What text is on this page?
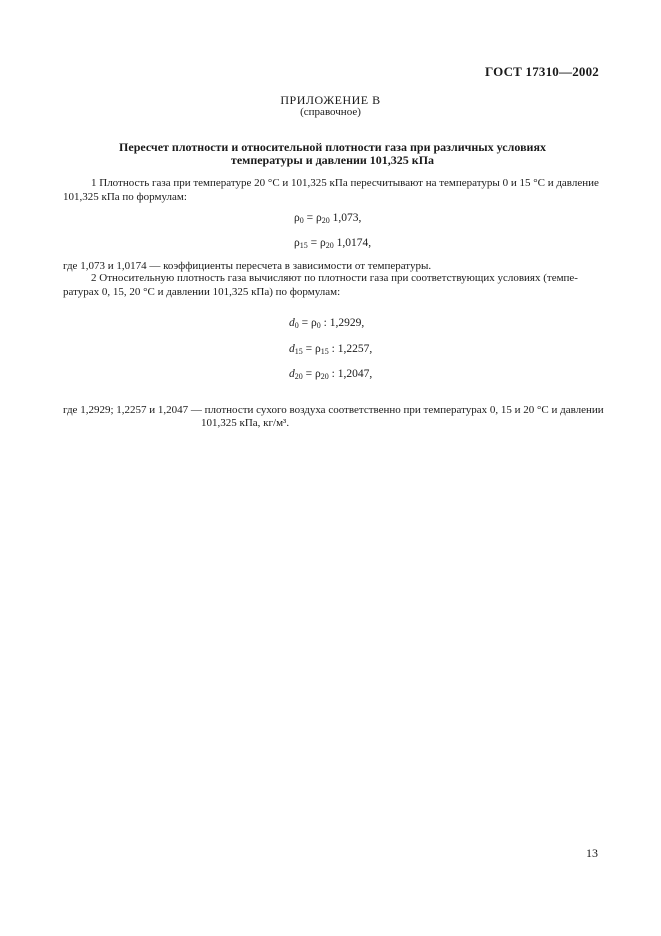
ГОСТ 17310—2002
ПРИЛОЖЕНИЕ В
(справочное)
Пересчет плотности и относительной плотности газа при различных условиях
температуры и давлении 101,325 кПа
1 Плотность газа при температуре 20 °С и 101,325 кПа пересчитывают на температуры 0 и 15 °С и давление
101,325 кПа по формулам:
$\rho_0 = \rho_{20}$ 1,073,
$\rho_{15} = \rho_{20}$ 1,0174,
где 1,073 и 1,0174 — коэффициенты пересчета в зависимости от температуры.
2 Относительную плотность газа вычисляют по плотности газа при соответствующих условиях (темпе-
ратурах 0, 15, 20 °С и давлении 101,325 кПа) по формулам:
$d_0 = \rho_0$ : 1,2929,
$d_{15} = \rho_{15}$ : 1,2257,
$d_{20} = \rho_{20}$ : 1,2047,
где 1,2929; 1,2257 и 1,2047 — плотности сухого воздуха соответственно при температурах 0, 15 и 20 °С и давлении
101,325 кПа, кг/м³.
13
